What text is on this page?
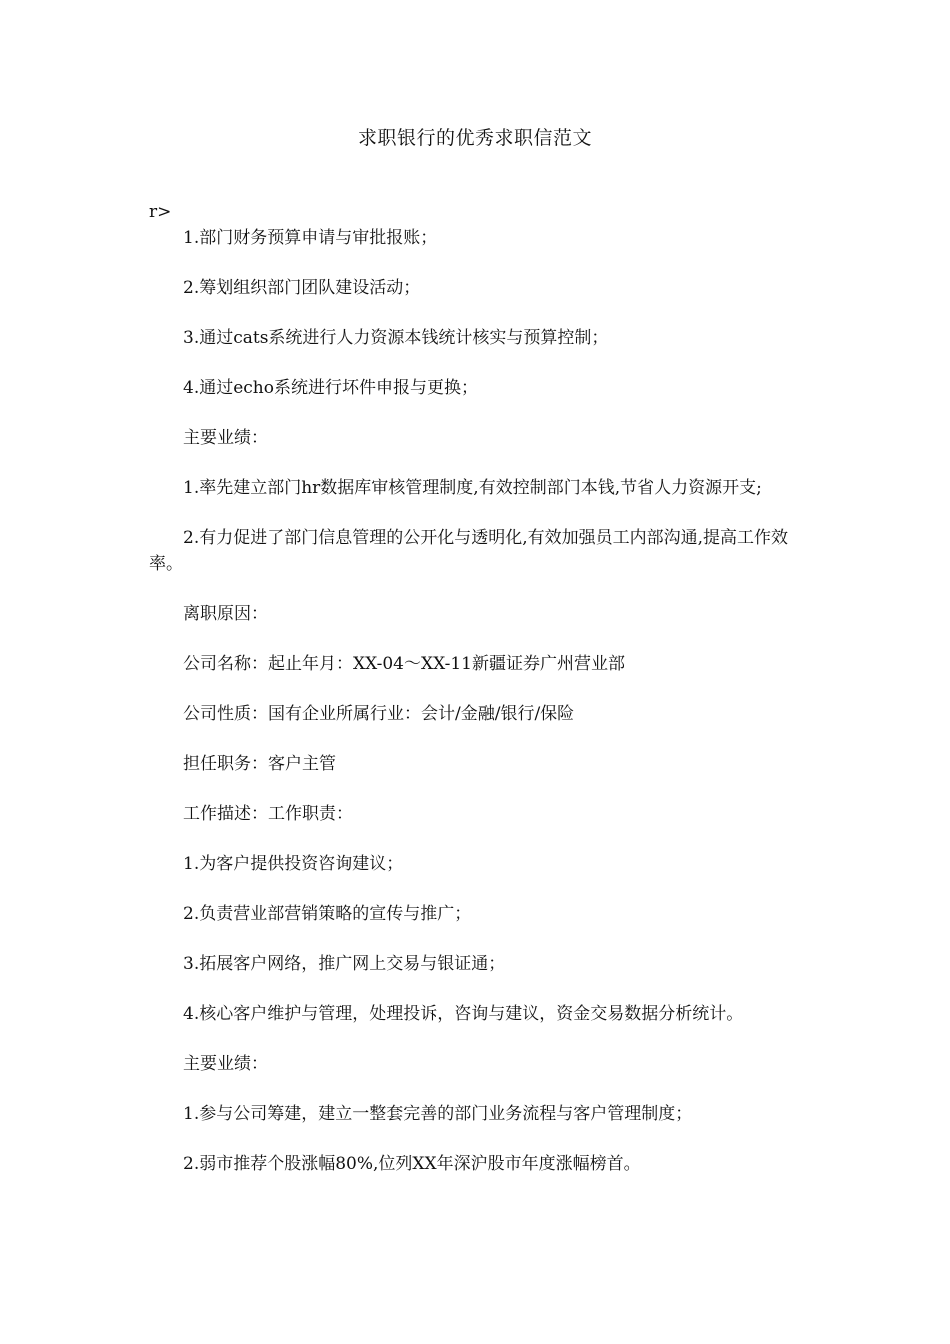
求职银行的优秀求职信范文

r>

1.部门财务预算申请与审批报账；

2.筹划组织部门团队建设活动；

3.通过cats系统进行人力资源本钱统计核实与预算控制；

4.通过echo系统进行坏件申报与更换；

主要业绩：

1.率先建立部门hr数据库审核管理制度,有效控制部门本钱,节省人力资源开支;

2.有力促进了部门信息管理的公开化与透明化,有效加强员工内部沟通,提高工作效率。

离职原因：

公司名称：起止年月：XX-04～XX-11新疆证券广州营业部

公司性质：国有企业所属行业：会计/金融/银行/保险

担任职务：客户主管

工作描述：工作职责：

1.为客户提供投资咨询建议；

2.负责营业部营销策略的宣传与推广；

3.拓展客户网络，推广网上交易与银证通；

4.核心客户维护与管理，处理投诉，咨询与建议，资金交易数据分析统计。

主要业绩：

1.参与公司筹建，建立一整套完善的部门业务流程与客户管理制度；

2.弱市推荐个股涨幅80%,位列XX年深沪股市年度涨幅榜首。
